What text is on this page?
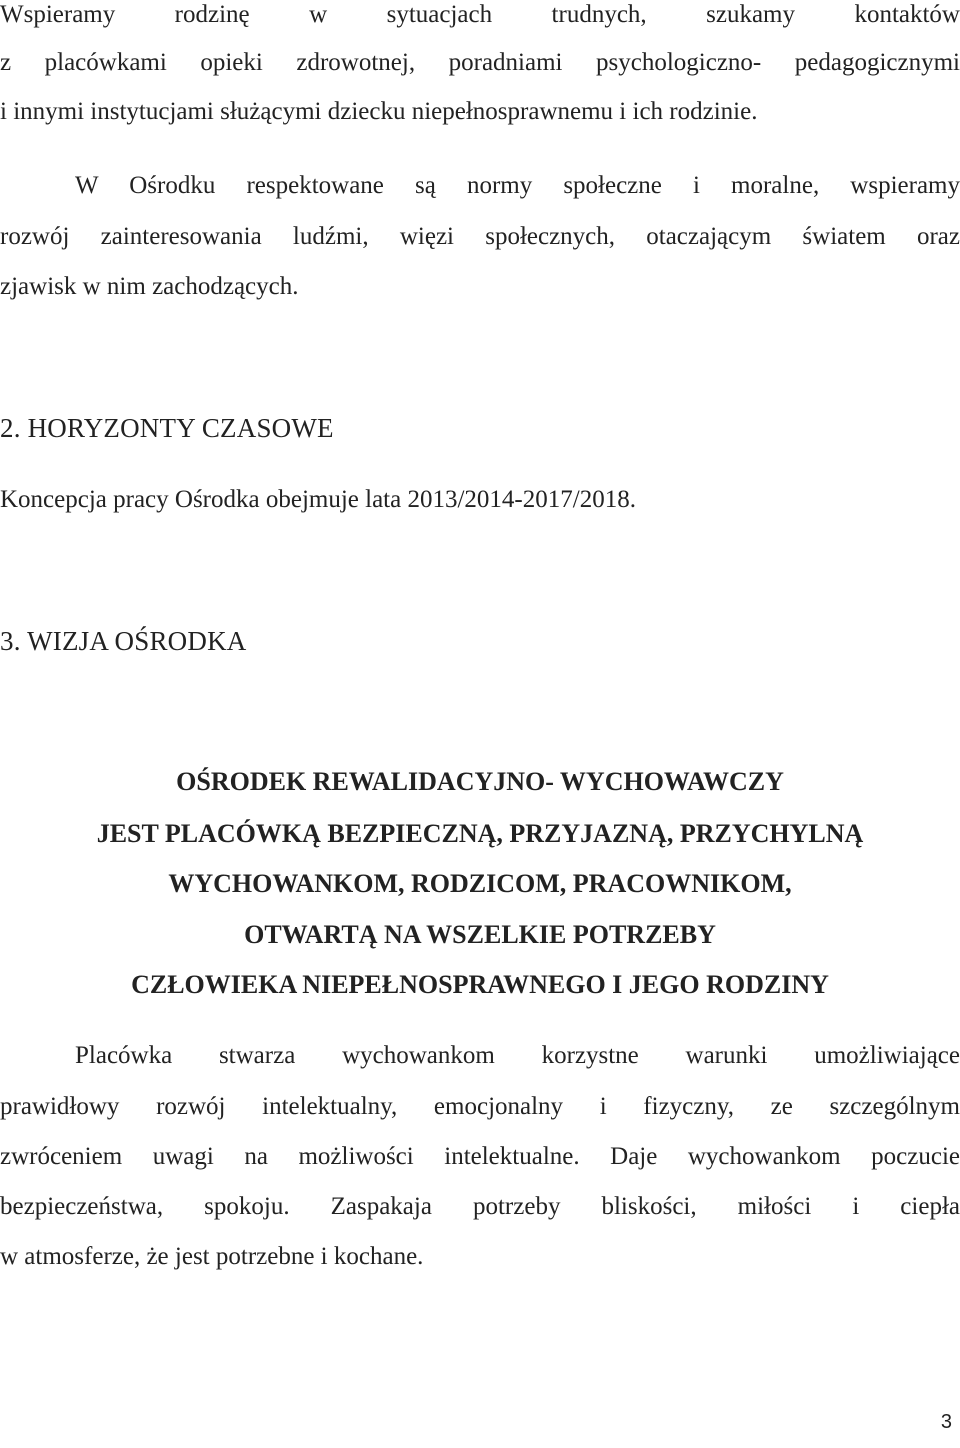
Wspieramy rodzinę w sytuacjach trudnych, szukamy kontaktów

z placówkami opieki zdrowotnej, poradniami psychologiczno- pedagogicznymi

i innymi instytucjami służącymi dziecku niepełnosprawnemu i ich rodzinie.

W Ośrodku respektowane są normy społeczne i moralne, wspieramy

rozwój zainteresowania ludźmi, więzi społecznych, otaczającym światem oraz

zjawisk w nim zachodzących.

2. HORYZONTY CZASOWE

Koncepcja pracy Ośrodka obejmuje lata 2013/2014-2017/2018.

3. WIZJA OŚRODKA

OŚRODEK REWALIDACYJNO- WYCHOWAWCZY

JEST PLACÓWKĄ BEZPIECZNĄ, PRZYJAZNĄ, PRZYCHYLNĄ

WYCHOWANKOM, RODZICOM, PRACOWNIKOM,

OTWARTĄ NA WSZELKIE POTRZEBY

CZŁOWIEKA NIEPEŁNOSPRAWNEGO I JEGO RODZINY

Placówka stwarza wychowankom korzystne warunki umożliwiające

prawidłowy rozwój intelektualny, emocjonalny i fizyczny, ze szczególnym

zwróceniem uwagi na możliwości intelektualne. Daje wychowankom poczucie

bezpieczeństwa, spokoju. Zaspakaja potrzeby bliskości, miłości i ciepła

w atmosferze, że jest potrzebne i kochane.

3
